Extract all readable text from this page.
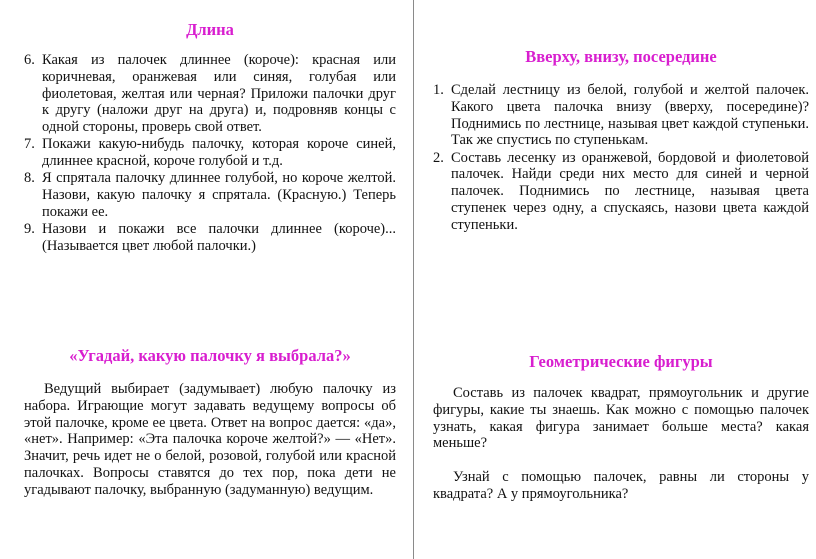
Длина
6. Какая из палочек длиннее (короче): красная или коричневая, оранжевая или синяя, голубая или фиолетовая, желтая или черная? Приложи палочки друг к другу (наложи друг на друга) и, подровняв концы с одной стороны, проверь свой ответ.
7. Покажи какую-нибудь палочку, которая короче синей, длиннее красной, короче голубой и т.д.
8. Я спрятала палочку длиннее голубой, но короче желтой. Назови, какую палочку я спрятала. (Красную.) Теперь покажи ее.
9. Назови и покажи все палочки длиннее (короче)... (Называется цвет любой палочки.)
Вверху, внизу, посередине
1. Сделай лестницу из белой, голубой и желтой палочек. Какого цвета палочка внизу (вверху, посередине)? Поднимись по лестнице, называя цвет каждой ступеньки. Так же спустись по ступенькам.
2. Составь лесенку из оранжевой, бордовой и фиолетовой палочек. Найди среди них место для синей и черной палочек. Поднимись по лестнице, называя цвета ступенек через одну, а спускаясь, назови цвета каждой ступеньки.
«Угадай, какую палочку я выбрала?»

Ведущий выбирает (задумывает) любую палочку из набора. Играющие могут задавать ведущему вопросы об этой палочке, кроме ее цвета. Ответ на вопрос дается: «да», «нет». Например: «Эта палочка короче желтой?» — «Нет». Значит, речь идет не о белой, розовой, голубой или красной палочках. Вопросы ставятся до тех пор, пока дети не угадывают палочку, выбранную (задуманную) ведущим.

Геометрические фигуры

Составь из палочек квадрат, прямоугольник и другие фигуры, какие ты знаешь. Как можно с помощью палочек узнать, какая фигура занимает больше места? какая меньше?

Узнай с помощью палочек, равны ли стороны у квадрата? А у прямоугольника?
